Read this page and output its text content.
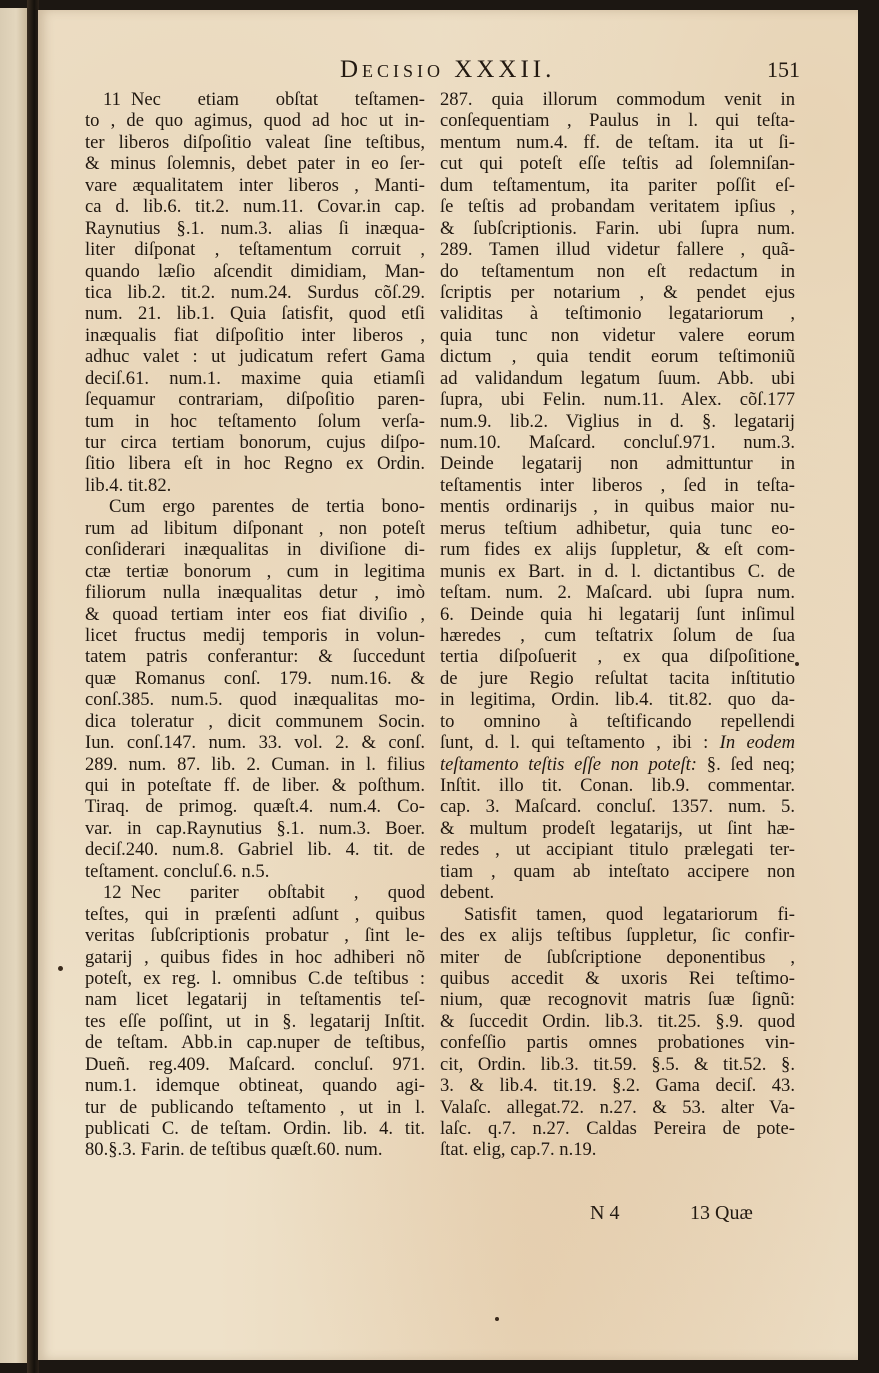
Decisio XXXII.	151
11 Nec etiam obſtat teſtamen-
to , de quo agimus, quod ad hoc ut in-
ter liberos diſpoſitio valeat ſine teſtibus,
& minus ſolemnis, debet pater in eo ſer-
vare æqualitatem inter liberos , Manti-
ca d. lib.6. tit.2. num.11. Covar.in cap.
Raynutius §.1. num.3. alias ſi inæqua-
liter diſponat , teſtamentum corruit ,
quando læſio aſcendit dimidiam, Man-
tica lib.2. tit.2. num.24. Surdus cõſ.29.
num. 21. lib.1. Quia ſatisfit, quod etſi
inæqualis fiat diſpoſitio inter liberos ,
adhuc valet : ut judicatum refert Gama
deciſ.61. num.1. maxime quia etiamſi
ſequamur contrariam, diſpoſitio paren-
tum in hoc teſtamento ſolum verſa-
tur circa tertiam bonorum, cujus diſpo-
ſitio libera eſt in hoc Regno ex Ordin.
lib.4. tit.82.
Cum ergo parentes de tertia bono-
rum ad libitum diſponant , non poteſt
conſiderari inæqualitas in diviſione di-
ctæ tertiæ bonorum , cum in legitima
filiorum nulla inæqualitas detur , imò
& quoad tertiam inter eos fiat diviſio ,
licet fructus medij temporis in volun-
tatem patris conferantur: & ſuccedunt
quæ Romanus conſ. 179. num.16. &
conſ.385. num.5. quod inæqualitas mo-
dica toleratur , dicit communem Socin.
Iun. conſ.147. num. 33. vol. 2. & conſ.
289. num. 87. lib. 2. Cuman. in l. filius
qui in poteſtate ff. de liber. & poſthum.
Tiraq. de primog. quæſt.4. num.4. Co-
var. in cap.Raynutius §.1. num.3. Boer.
deciſ.240. num.8. Gabriel lib. 4. tit. de
teſtament. concluſ.6. n.5.
12 Nec pariter obſtabit , quod
teſtes, qui in præſenti adſunt , quibus
veritas ſubſcriptionis probatur , ſint le-
gatarij , quibus fides in hoc adhiberi nõ
poteſt, ex reg. l. omnibus C.de teſtibus :
nam licet legatarij in teſtamentis teſ-
tes eſſe poſſint, ut in §. legatarij Inſtit.
de teſtam. Abb.in cap.nuper de teſtibus,
Dueñ. reg.409. Maſcard. concluſ. 971.
num.1. idemque obtineat, quando agi-
tur de publicando teſtamento , ut in l.
publicati C. de teſtam. Ordin. lib. 4. tit.
80.§.3. Farin. de teſtibus quæſt.60. num.
287. quia illorum commodum venit in
conſequentiam , Paulus in l. qui teſta-
mentum num.4. ff. de teſtam. ita ut ſi-
cut qui poteſt eſſe teſtis ad ſolemniſan-
dum teſtamentum, ita pariter poſſit eſ-
ſe teſtis ad probandam veritatem ipſius ,
& ſubſcriptionis. Farin. ubi ſupra num.
289. Tamen illud videtur fallere , quã-
do teſtamentum non eſt redactum in
ſcriptis per notarium , & pendet ejus
validitas à teſtimonio legatariorum ,
quia tunc non videtur valere eorum
dictum , quia tendit eorum teſtimoniũ
ad validandum legatum ſuum. Abb. ubi
ſupra, ubi Felin. num.11. Alex. cõſ.177
num.9. lib.2. Viglius in d. §. legatarij
num.10. Maſcard. concluſ.971. num.3.
Deinde legatarij non admittuntur in
teſtamentis inter liberos , ſed in teſta-
mentis ordinarijs , in quibus maior nu-
merus teſtium adhibetur, quia tunc eo-
rum fides ex alijs ſuppletur, & eſt com-
munis ex Bart. in d. l. dictantibus C. de
teſtam. num. 2. Maſcard. ubi ſupra num.
6. Deinde quia hi legatarij ſunt inſimul
hæredes , cum teſtatrix ſolum de ſua
tertia diſpoſuerit , ex qua diſpoſitione
de jure Regio reſultat tacita inſtitutio
in legitima, Ordin. lib.4. tit.82. quo da-
to omnino à teſtificando repellendi
ſunt, d. l. qui teſtamento , ibi : In eodem
teſtamento teſtis eſſe non poteſt: §. ſed neq;
Inſtit. illo tit. Conan. lib.9. commentar.
cap. 3. Maſcard. concluſ. 1357. num. 5.
& multum prodeſt legatarijs, ut ſint hæ-
redes , ut accipiant titulo prælegati ter-
tiam , quam ab inteſtato accipere non
debent.
Satisfit tamen, quod legatariorum fi-
des ex alijs teſtibus ſuppletur, ſic confir-
miter de ſubſcriptione deponentibus ,
quibus accedit & uxoris Rei teſtimo-
nium, quæ recognovit matris ſuæ ſignũ:
& ſuccedit Ordin. lib.3. tit.25. §.9. quod
confeſſio partis omnes probationes vin-
cit, Ordin. lib.3. tit.59. §.5. & tit.52. §.
3. & lib.4. tit.19. §.2. Gama deciſ. 43.
Valaſc. allegat.72. n.27. & 53. alter Va-
laſc. q.7. n.27. Caldas Pereira de pote-
ſtat. elig, cap.7. n.19.
N 4	13 Quæ
